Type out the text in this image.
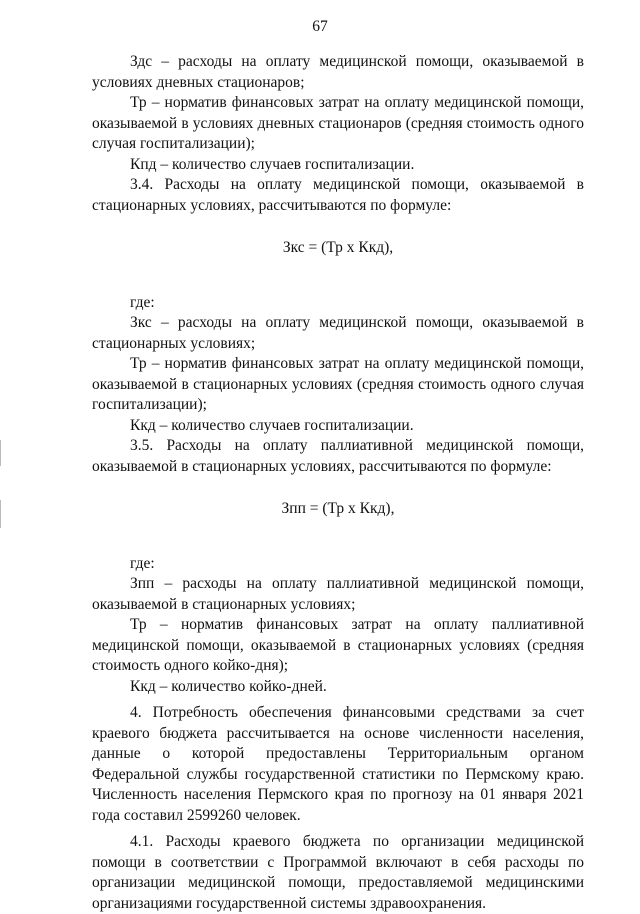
67

Здс – расходы на оплату медицинской помощи, оказываемой в условиях дневных стационаров;

Тр – норматив финансовых затрат на оплату медицинской помощи, оказываемой в условиях дневных стационаров (средняя стоимость одного случая госпитализации);

Кпд – количество случаев госпитализации.

3.4. Расходы на оплату медицинской помощи, оказываемой в стационарных условиях, рассчитываются по формуле:

Зкс = (Тр x Ккд),

где:

Зкс – расходы на оплату медицинской помощи, оказываемой в стационарных условиях;

Тр – норматив финансовых затрат на оплату медицинской помощи, оказываемой в стационарных условиях (средняя стоимость одного случая госпитализации);

Ккд – количество случаев госпитализации.

3.5. Расходы на оплату паллиативной медицинской помощи, оказываемой в стационарных условиях, рассчитываются по формуле:

Зпп = (Тр x Ккд),

где:

Зпп – расходы на оплату паллиативной медицинской помощи, оказываемой в стационарных условиях;

Тр – норматив финансовых затрат на оплату паллиативной медицинской помощи, оказываемой в стационарных условиях (средняя стоимость одного койко-дня);

Ккд – количество койко-дней.

4. Потребность обеспечения финансовыми средствами за счет краевого бюджета рассчитывается на основе численности населения, данные о которой предоставлены Территориальным органом Федеральной службы государственной статистики по Пермскому краю. Численность населения Пермского края по прогнозу на 01 января 2021 года составил 2599260 человек.

4.1. Расходы краевого бюджета по организации медицинской помощи в соответствии с Программой включают в себя расходы по организации медицинской помощи, предоставляемой медицинскими организациями государственной системы здравоохранения.
